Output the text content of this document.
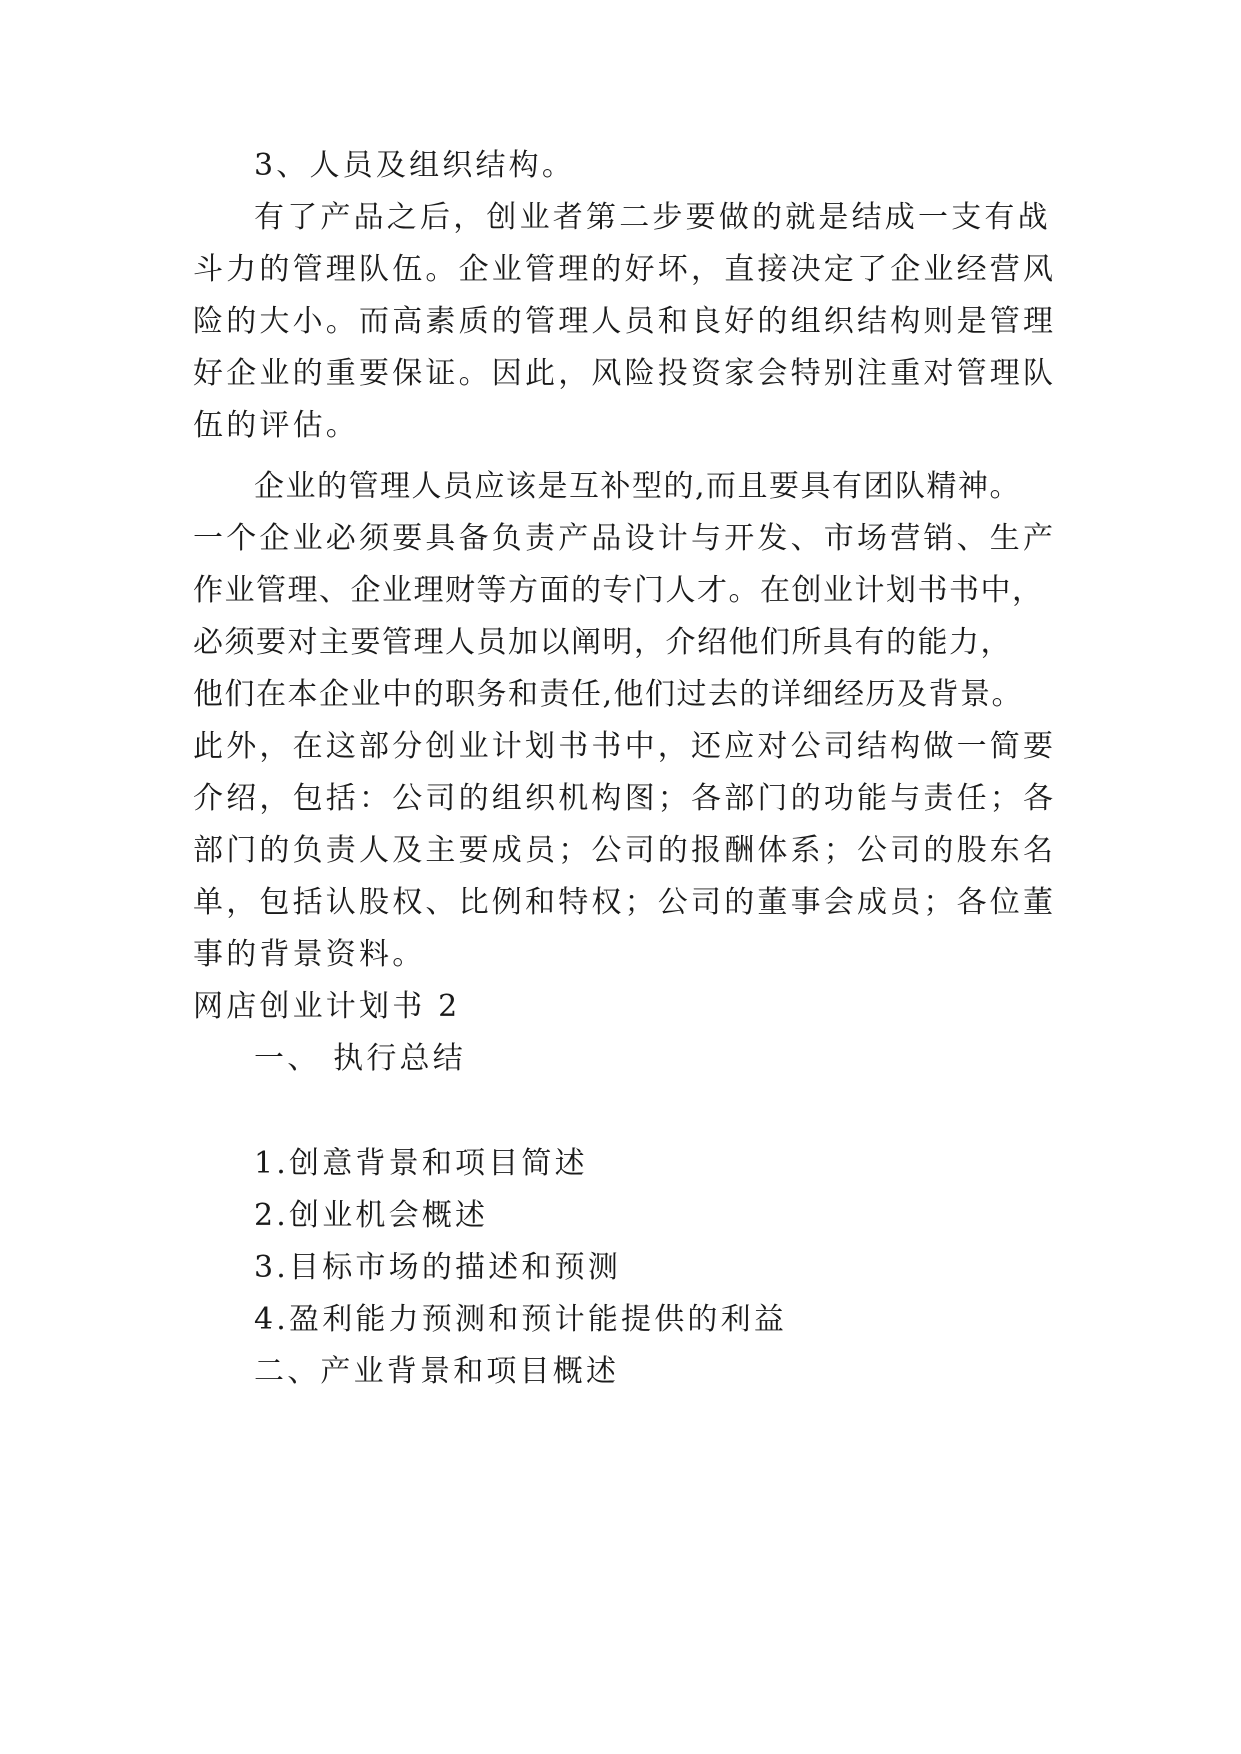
3、人员及组织结构。
有了产品之后，创业者第二步要做的就是结成一支有战
斗力的管理队伍。企业管理的好坏，直接决定了企业经营风
险的大小。而高素质的管理人员和良好的组织结构则是管理
好企业的重要保证。因此，风险投资家会特别注重对管理队
伍的评估。
企业的管理人员应该是互补型的,而且要具有团队精神。
一个企业必须要具备负责产品设计与开发、市场营销、生产
作业管理、企业理财等方面的专门人才。在创业计划书书中，
必须要对主要管理人员加以阐明，介绍他们所具有的能力，
他们在本企业中的职务和责任,他们过去的详细经历及背景。
此外，在这部分创业计划书书中，还应对公司结构做一简要
介绍，包括：公司的组织机构图；各部门的功能与责任；各
部门的负责人及主要成员；公司的报酬体系；公司的股东名
单，包括认股权、比例和特权；公司的董事会成员；各位董
事的背景资料。
网店创业计划书 2
一、 执行总结
1.创意背景和项目简述
2.创业机会概述
3.目标市场的描述和预测
4.盈利能力预测和预计能提供的利益
二、产业背景和项目概述
